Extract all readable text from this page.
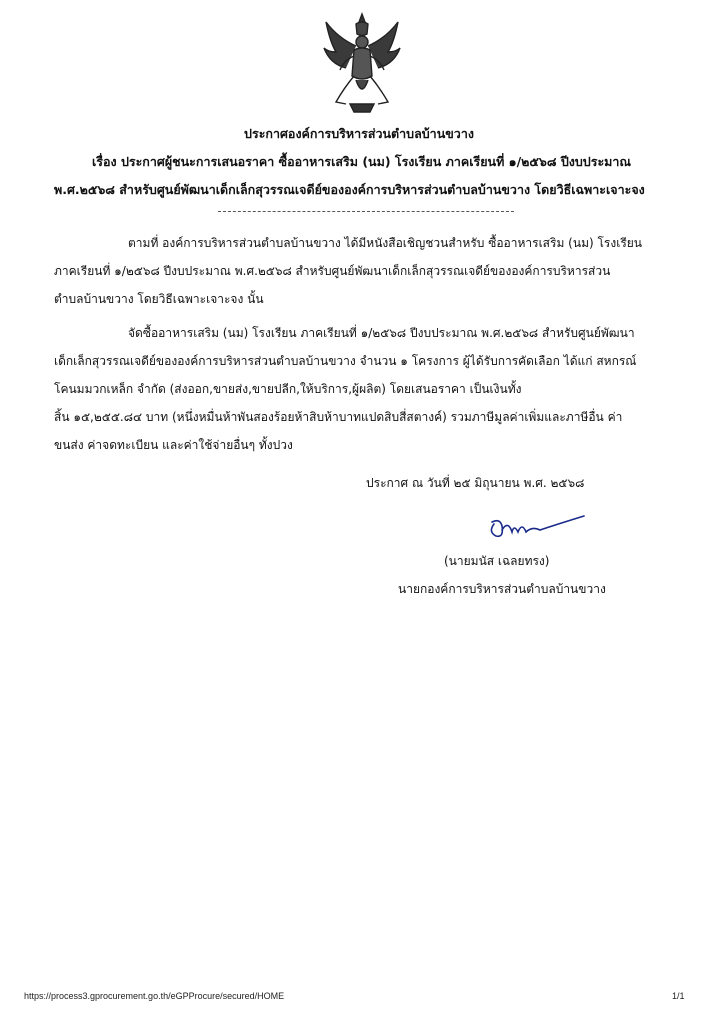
ประกาศองค์การบริหารส่วนตำบลบ้านขวาง
เรื่อง ประกาศผู้ชนะการเสนอราคา ซื้ออาหารเสริม (นม) โรงเรียน ภาคเรียนที่ ๑/๒๕๖๘ ปีงบประมาณ
พ.ศ.๒๕๖๘ สำหรับศูนย์พัฒนาเด็กเล็กสุวรรณเจดีย์ขององค์การบริหารส่วนตำบลบ้านขวาง โดยวิธีเฉพาะเจาะจง
ตามที่ องค์การบริหารส่วนตำบลบ้านขวาง ได้มีหนังสือเชิญชวนสำหรับ ซื้ออาหารเสริม (นม) โรงเรียน
ภาคเรียนที่ ๑/๒๕๖๘ ปีงบประมาณ พ.ศ.๒๕๖๘ สำหรับศูนย์พัฒนาเด็กเล็กสุวรรณเจดีย์ขององค์การบริหารส่วน
ตำบลบ้านขวาง โดยวิธีเฉพาะเจาะจง นั้น
จัดซื้ออาหารเสริม (นม) โรงเรียน ภาคเรียนที่ ๑/๒๕๖๘ ปีงบประมาณ พ.ศ.๒๕๖๘ สำหรับศูนย์พัฒนา
เด็กเล็กสุวรรณเจดีย์ขององค์การบริหารส่วนตำบลบ้านขวาง จำนวน ๑ โครงการ ผู้ได้รับการคัดเลือก ได้แก่ สหกรณ์
โคนมมวกเหล็ก จำกัด (ส่งออก,ขายส่ง,ขายปลีก,ให้บริการ,ผู้ผลิต) โดยเสนอราคา เป็นเงินทั้ง
สิ้น ๑๕,๒๕๕.๘๔ บาท (หนึ่งหมื่นห้าพันสองร้อยห้าสิบห้าบาทแปดสิบสี่สตางค์) รวมภาษีมูลค่าเพิ่มและภาษีอื่น ค่า
ขนส่ง ค่าจดทะเบียน และค่าใช้จ่ายอื่นๆ ทั้งปวง
ประกาศ ณ วันที่ ๒๕ มิถุนายน พ.ศ. ๒๕๖๘
(นายมนัส เฉลยทรง)
นายกองค์การบริหารส่วนตำบลบ้านขวาง
https://process3.gprocurement.go.th/eGPProcure/secured/HOME	1/1
